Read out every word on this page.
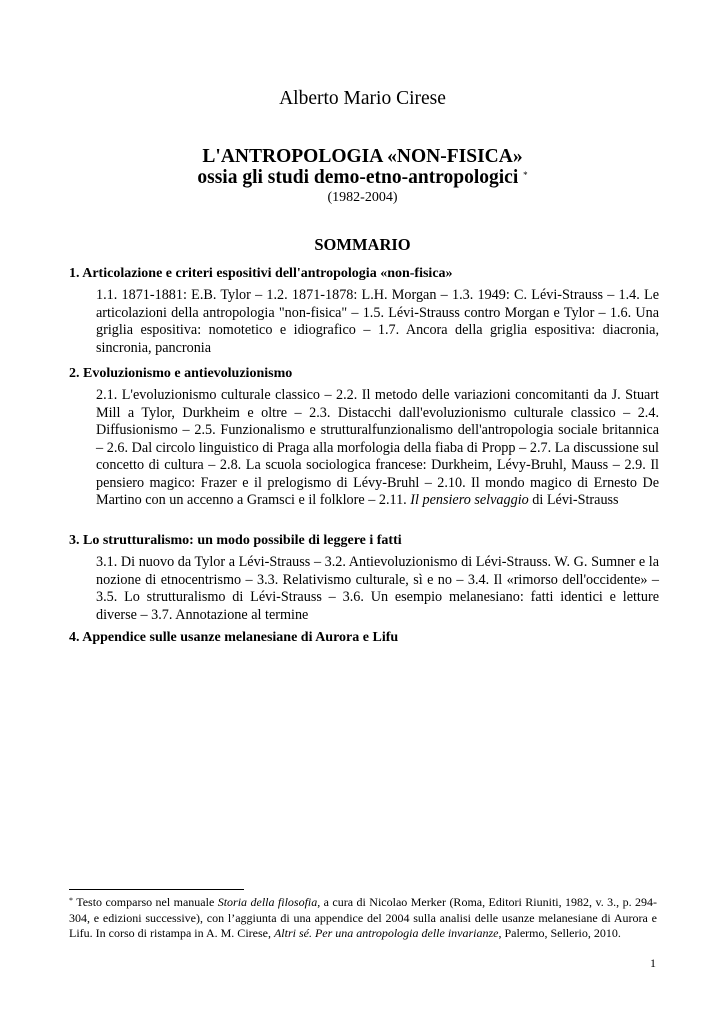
Alberto Mario Cirese
L'ANTROPOLOGIA «NON-FISICA»
ossia gli studi demo-etno-antropologici *
(1982-2004)
SOMMARIO

1. Articolazione e criteri espositivi dell'antropologia «non-fisica»

1.1. 1871-1881: E.B. Tylor – 1.2. 1871-1878: L.H. Morgan – 1.3. 1949: C. Lévi-Strauss – 1.4. Le articolazioni della antropologia "non-fisica" – 1.5. Lévi-Strauss contro Morgan e Tylor – 1.6. Una griglia espositiva: nomotetico e idiografico – 1.7. Ancora della griglia espositiva: diacronia, sincronia, pancronia

2. Evoluzionismo e antievoluzionismo

2.1. L'evoluzionismo culturale classico – 2.2. Il metodo delle variazioni concomitanti da J. Stuart Mill a Tylor, Durkheim e oltre – 2.3. Distacchi dall'evoluzionismo culturale classico – 2.4. Diffusionismo – 2.5. Funzionalismo e strutturalfunzionalismo dell'antropologia sociale britannica – 2.6. Dal circolo linguistico di Praga alla morfologia della fiaba di Propp – 2.7. La discussione sul concetto di cultura – 2.8. La scuola sociologica francese: Durkheim, Lévy-Bruhl, Mauss – 2.9. Il pensiero magico: Frazer e il prelogismo di Lévy-Bruhl – 2.10. Il mondo magico di Ernesto De Martino con un accenno a Gramsci e il folklore – 2.11. Il pensiero selvaggio di Lévi-Strauss

3. Lo strutturalismo: un modo possibile di leggere i fatti

3.1. Di nuovo da Tylor a Lévi-Strauss – 3.2. Antievoluzionismo di Lévi-Strauss. W. G. Sumner e la nozione di etnocentrismo – 3.3. Relativismo culturale, sì e no – 3.4. Il «rimorso dell'occidente» – 3.5. Lo strutturalismo di Lévi-Strauss – 3.6. Un esempio melanesiano: fatti identici e letture diverse – 3.7. Annotazione al termine

4. Appendice sulle usanze melanesiane di Aurora e Lifu

* Testo comparso nel manuale Storia della filosofia, a cura di Nicolao Merker (Roma, Editori Riuniti, 1982, v. 3., p. 294-304, e edizioni successive), con l’aggiunta di una appendice del 2004 sulla analisi delle usanze melanesiane di Aurora e Lifu. In corso di ristampa in A. M. Cirese, Altri sé. Per una antropologia delle invarianze, Palermo, Sellerio, 2010.
1
